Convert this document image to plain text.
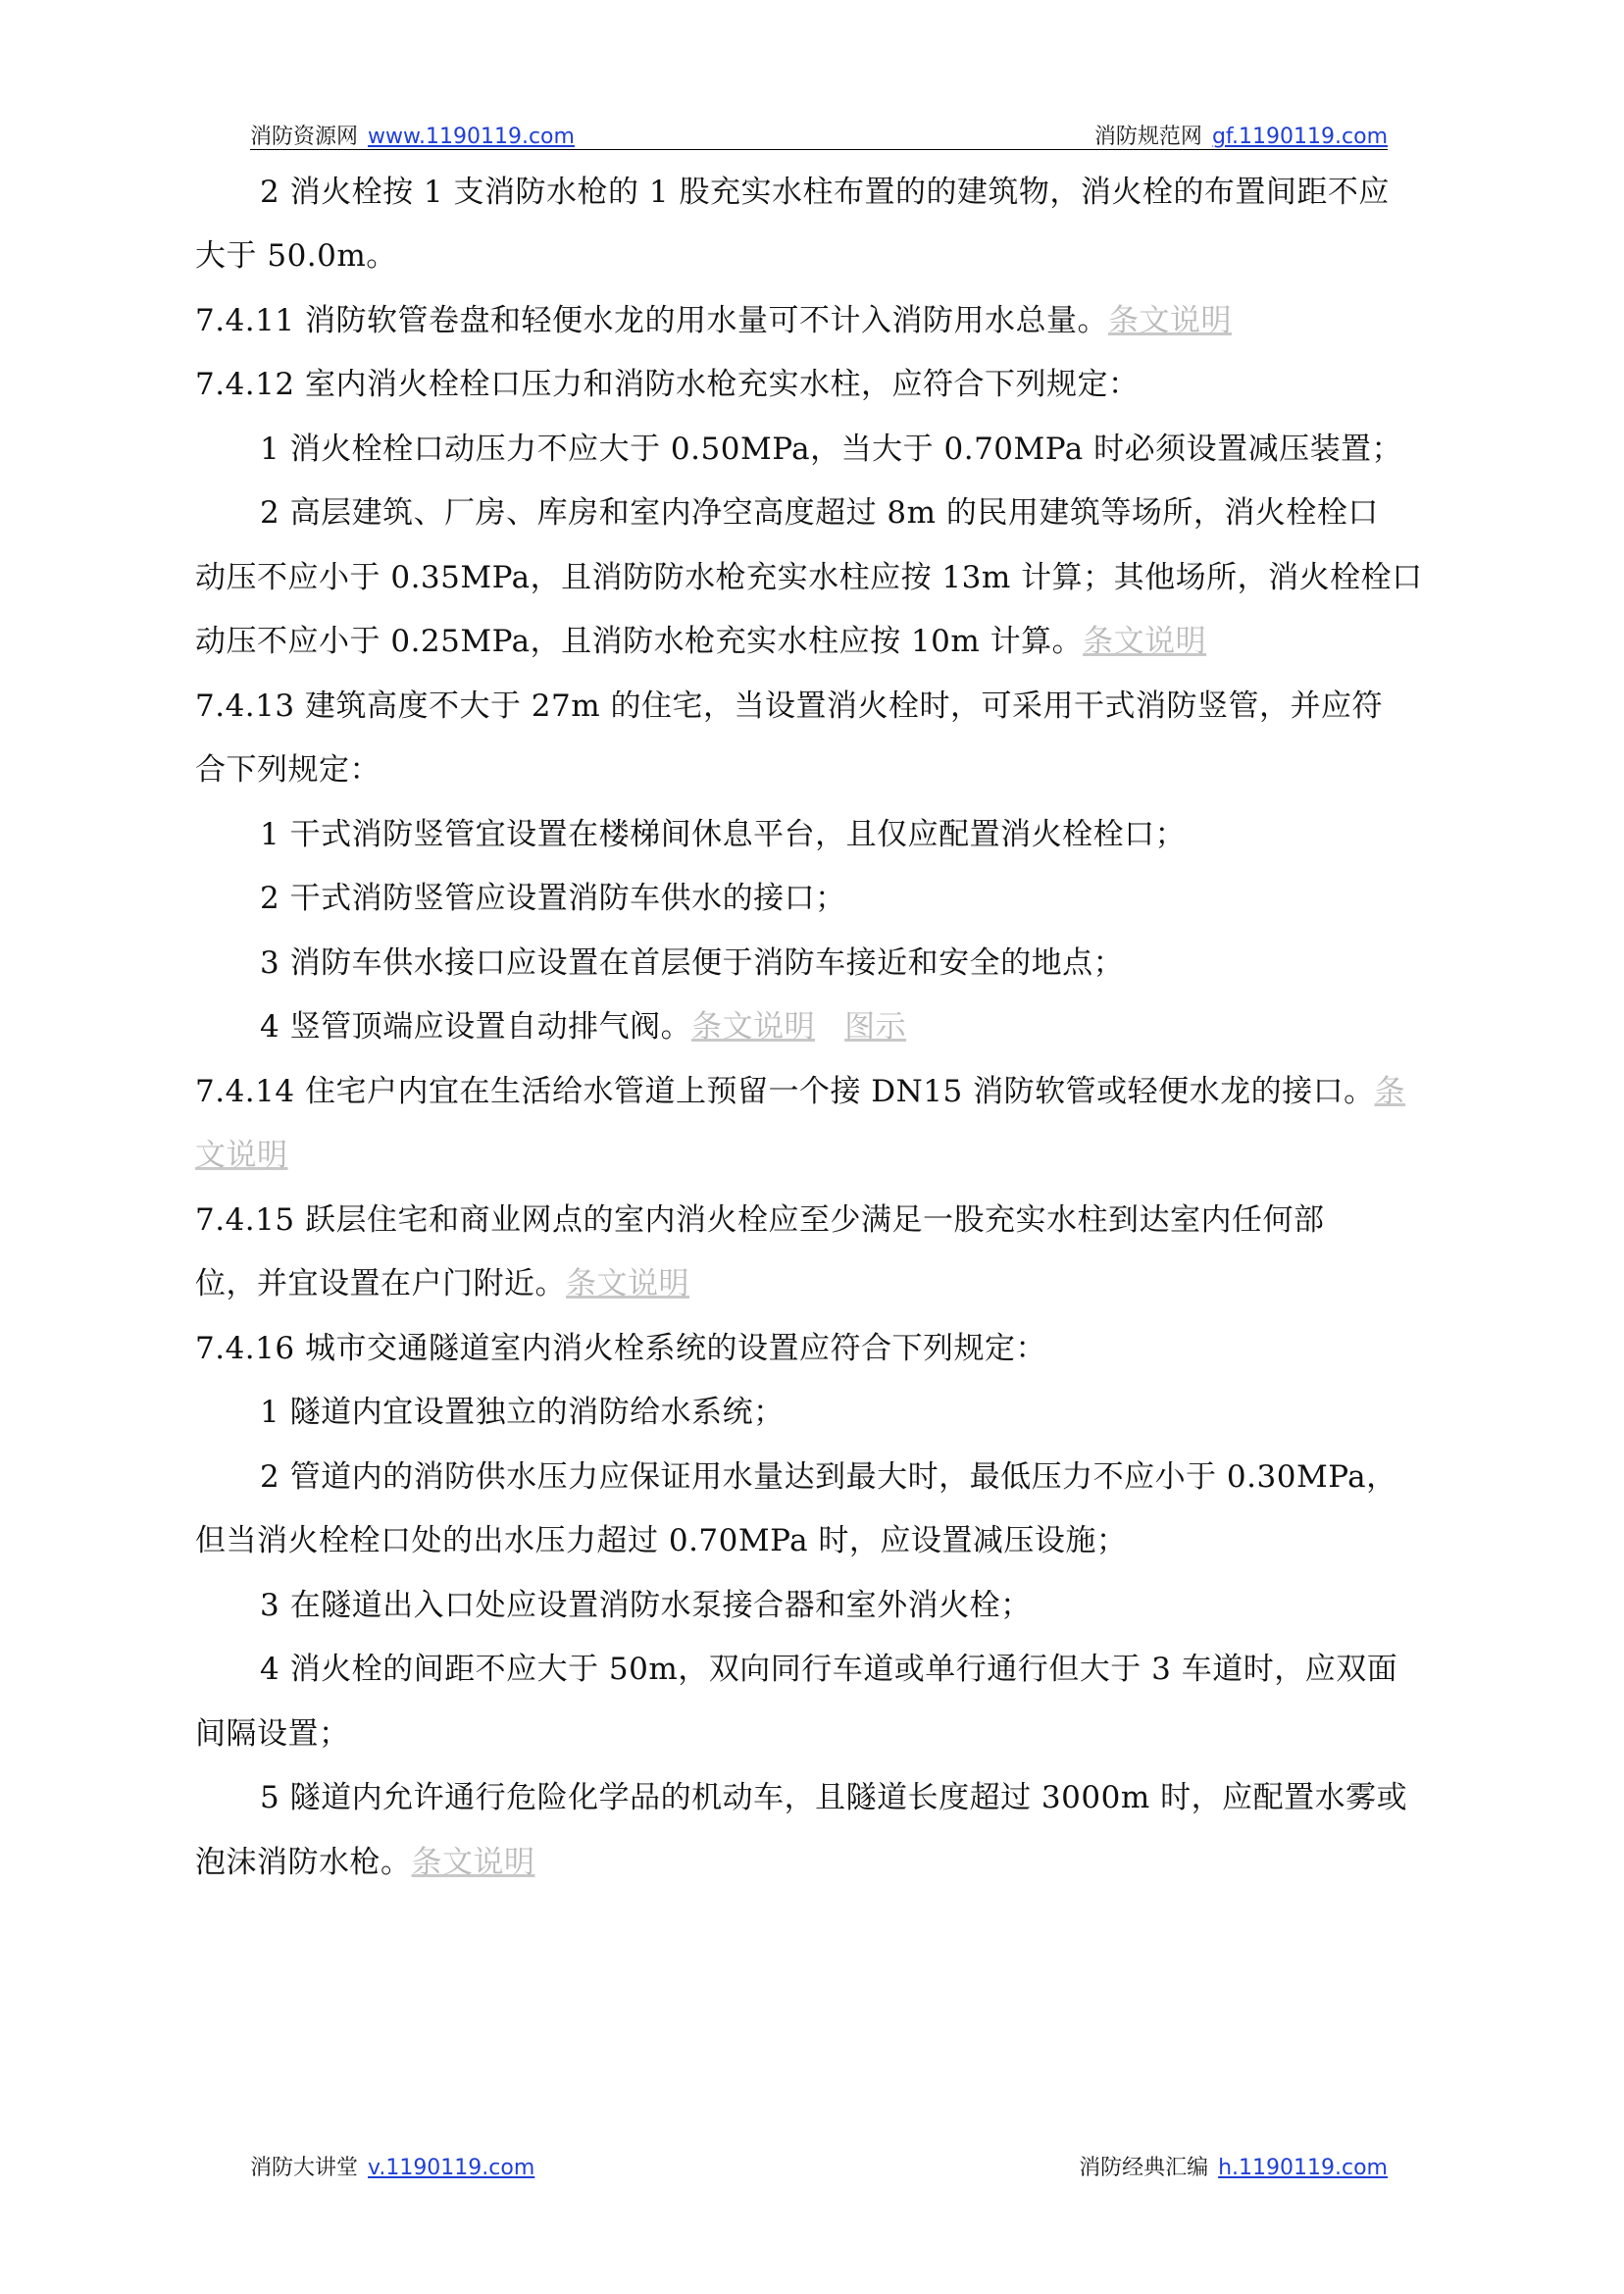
消防资源网 www.1190119.com	消防规范网 gf.1190119.com
2 消火栓按 1 支消防水枪的 1 股充实水柱布置的的建筑物，消火栓的布置间距不应
大于 50.0m。
7.4.11 消防软管卷盘和轻便水龙的用水量可不计入消防用水总量。条文说明
7.4.12 室内消火栓栓口压力和消防水枪充实水柱，应符合下列规定：
1 消火栓栓口动压力不应大于 0.50MPa，当大于 0.70MPa 时必须设置减压装置；
2 高层建筑、厂房、库房和室内净空高度超过 8m 的民用建筑等场所，消火栓栓口
动压不应小于 0.35MPa，且消防防水枪充实水柱应按 13m 计算；其他场所，消火栓栓口
动压不应小于 0.25MPa，且消防水枪充实水柱应按 10m 计算。条文说明
7.4.13 建筑高度不大于 27m 的住宅，当设置消火栓时，可采用干式消防竖管，并应符
合下列规定：
1 干式消防竖管宜设置在楼梯间休息平台，且仅应配置消火栓栓口；
2 干式消防竖管应设置消防车供水的接口；
3 消防车供水接口应设置在首层便于消防车接近和安全的地点；
4 竖管顶端应设置自动排气阀。条文说明 图示
7.4.14 住宅户内宜在生活给水管道上预留一个接 DN15 消防软管或轻便水龙的接口。条
文说明
7.4.15 跃层住宅和商业网点的室内消火栓应至少满足一股充实水柱到达室内任何部
位，并宜设置在户门附近。条文说明
7.4.16 城市交通隧道室内消火栓系统的设置应符合下列规定：
1 隧道内宜设置独立的消防给水系统；
2 管道内的消防供水压力应保证用水量达到最大时，最低压力不应小于 0.30MPa，
但当消火栓栓口处的出水压力超过 0.70MPa 时，应设置减压设施；
3 在隧道出入口处应设置消防水泵接合器和室外消火栓；
4 消火栓的间距不应大于 50m，双向同行车道或单行通行但大于 3 车道时，应双面
间隔设置；
5 隧道内允许通行危险化学品的机动车，且隧道长度超过 3000m 时，应配置水雾或
泡沫消防水枪。条文说明
消防大讲堂 v.1190119.com	消防经典汇编 h.1190119.com
